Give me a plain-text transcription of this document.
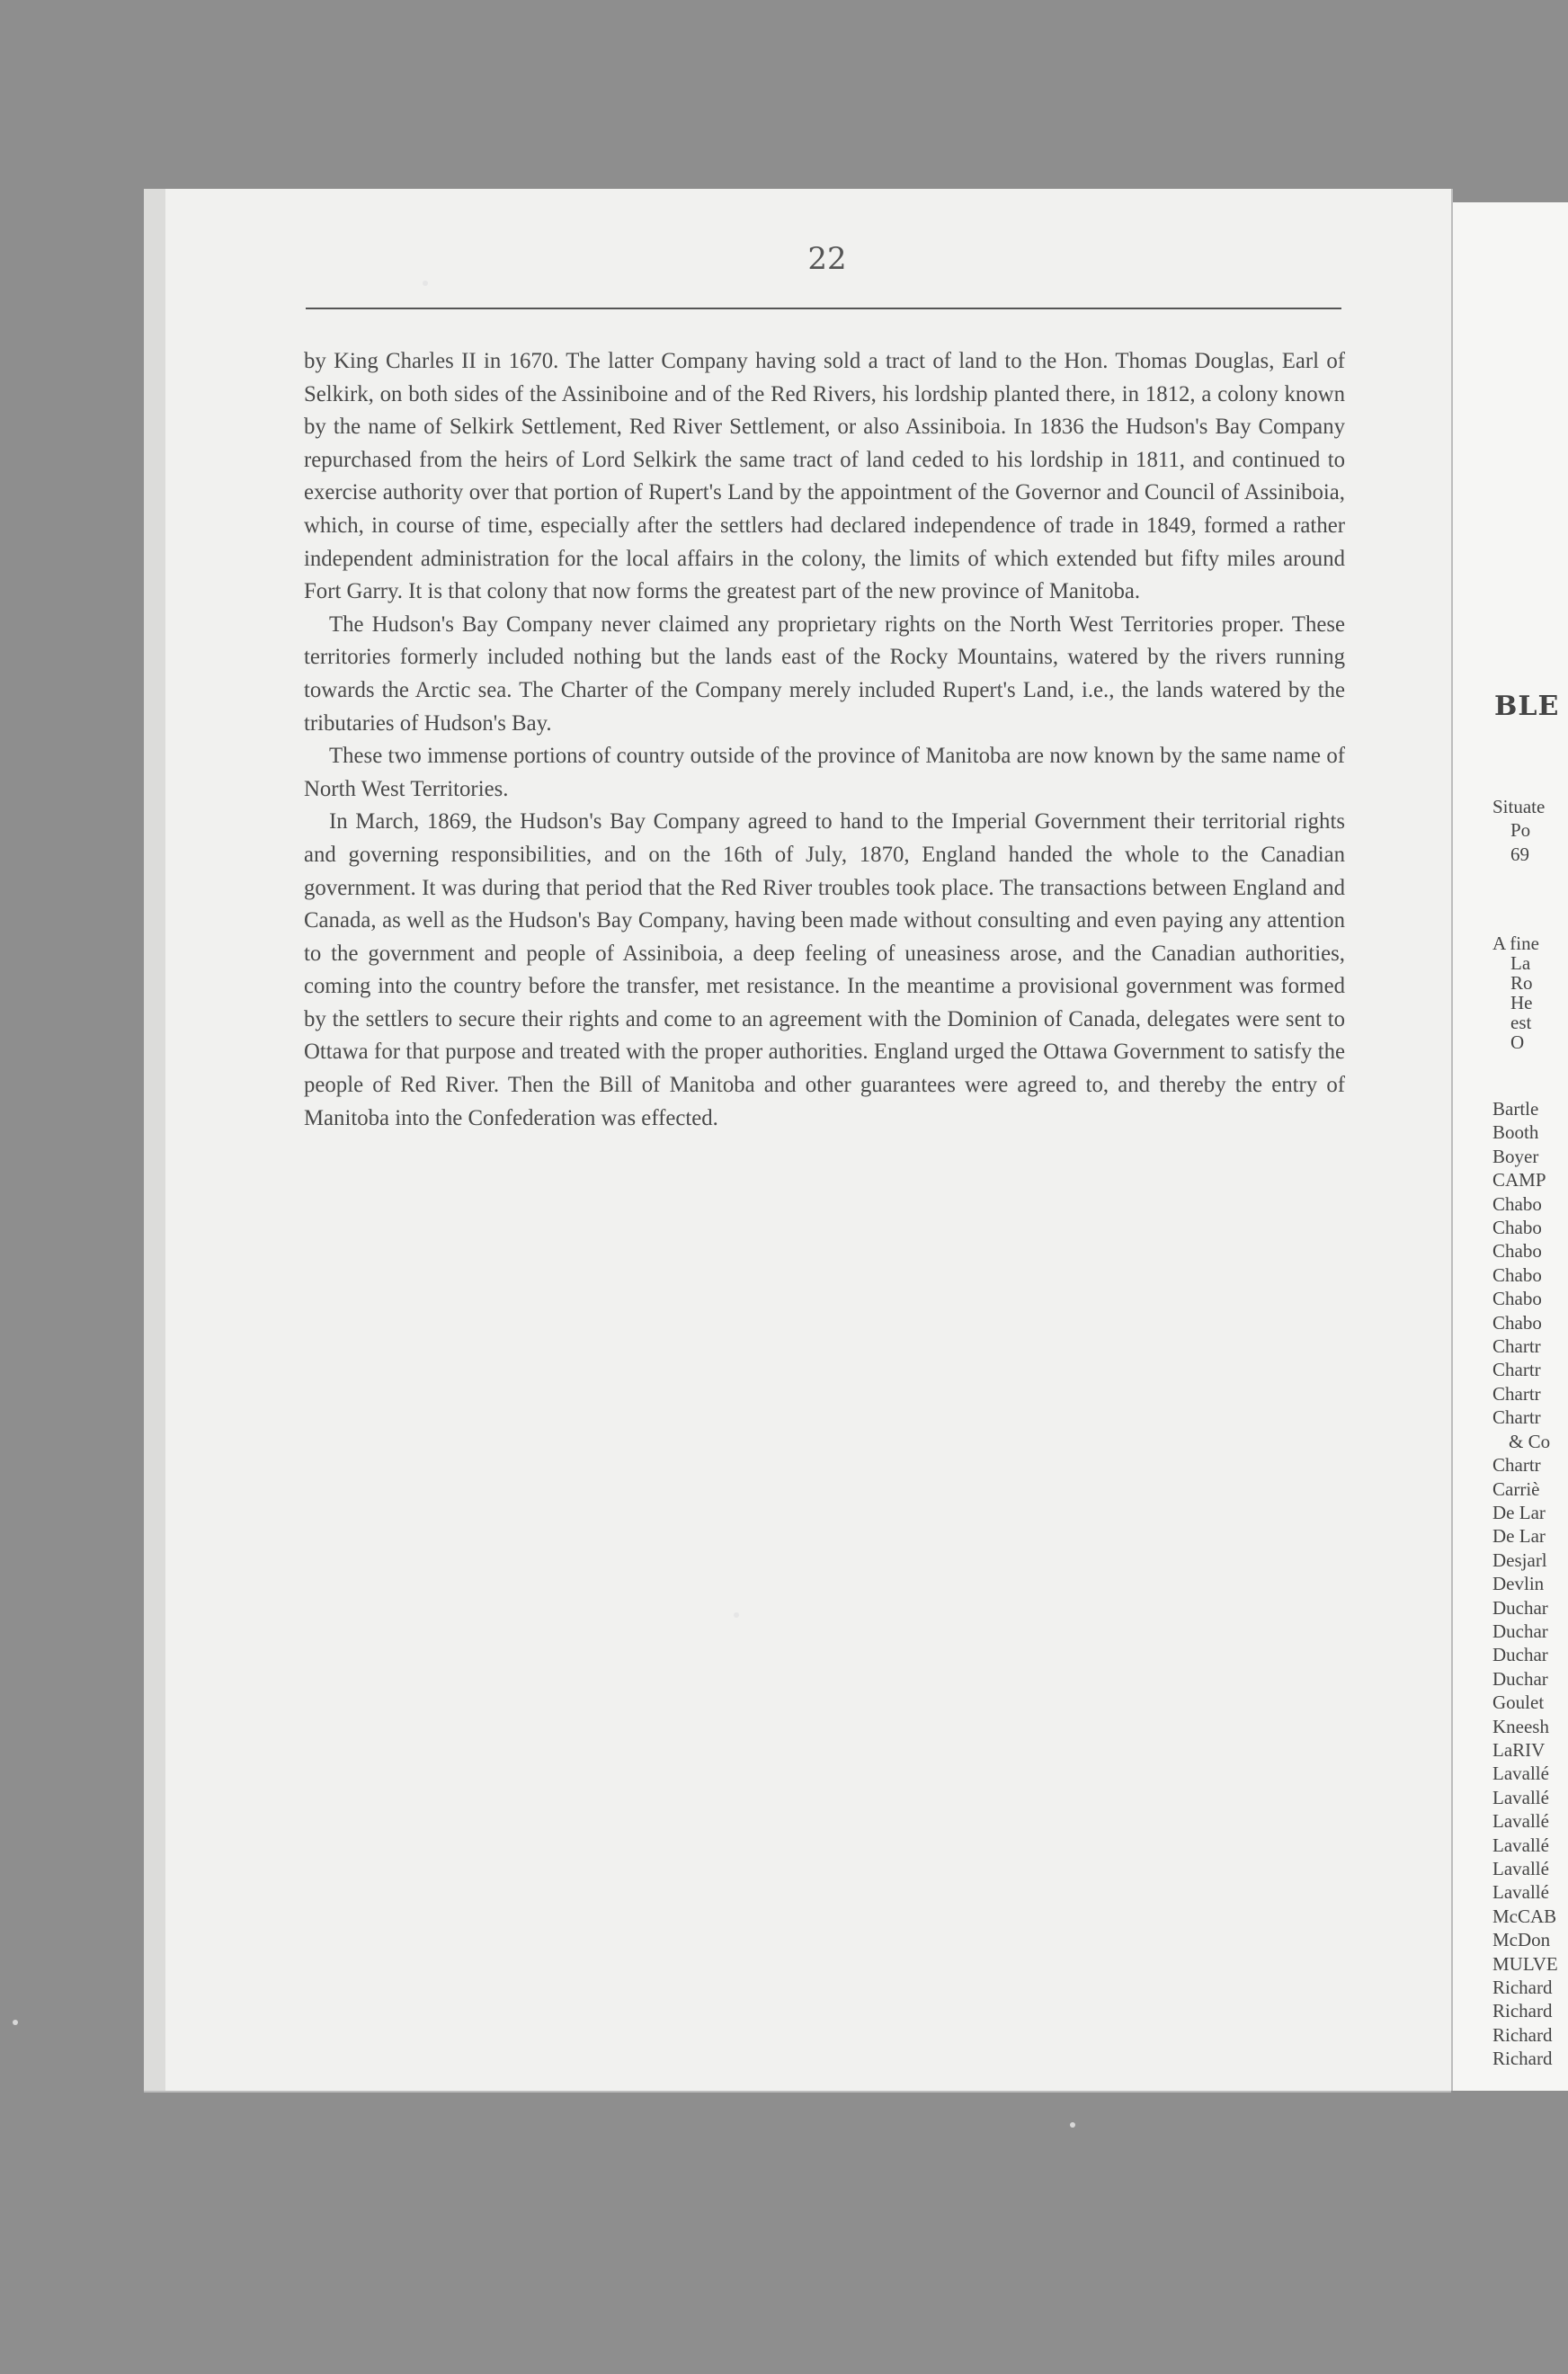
22

by King Charles II in 1670. The latter Company having sold a tract of land to the Hon. Thomas Douglas, Earl of Selkirk, on both sides of the Assiniboine and of the Red Rivers, his lordship planted there, in 1812, a colony known by the name of Selkirk Settlement, Red River Settlement, or also Assiniboia. In 1836 the Hudson's Bay Company repurchased from the heirs of Lord Selkirk the same tract of land ceded to his lordship in 1811, and continued to exercise authority over that portion of Rupert's Land by the appointment of the Governor and Council of Assiniboia, which, in course of time, especially after the settlers had declared independence of trade in 1849, formed a rather independent administration for the local affairs in the colony, the limits of which extended but fifty miles around Fort Garry. It is that colony that now forms the greatest part of the new province of Manitoba.

The Hudson's Bay Company never claimed any proprietary rights on the North West Territories proper. These territories formerly included nothing but the lands east of the Rocky Mountains, watered by the rivers running towards the Arctic sea. The Charter of the Company merely included Rupert's Land, i.e., the lands watered by the tributaries of Hudson's Bay.

These two immense portions of country outside of the province of Manitoba are now known by the same name of North West Territories.

In March, 1869, the Hudson's Bay Company agreed to hand to the Imperial Government their territorial rights and governing responsibilities, and on the 16th of July, 1870, England handed the whole to the Canadian government. It was during that period that the Red River troubles took place. The transactions between England and Canada, as well as the Hudson's Bay Company, having been made without consulting and even paying any attention to the government and people of Assiniboia, a deep feeling of uneasiness arose, and the Canadian authorities, coming into the country before the transfer, met resistance. In the meantime a provisional government was formed by the settlers to secure their rights and come to an agreement with the Dominion of Canada, delegates were sent to Ottawa for that purpose and treated with the proper authorities. England urged the Ottawa Government to satisfy the people of Red River. Then the Bill of Manitoba and other guarantees were agreed to, and thereby the entry of Manitoba into the Confederation was effected.

BLE
Situate
Po
69
A fine
La
Ro
He
est
O
Bartle
Booth
Boyer
CAMP
Chabo
Chabo
Chabo
Chabo
Chabo
Chabo
Chartr
Chartr
Chartr
Chartr
& Co
Chartr
Carriè
De Lar
De Lar
Desjarl
Devlin
Duchar
Duchar
Duchar
Duchar
Goulet
Kneesh
LaRIV
Lavallé
Lavallé
Lavallé
Lavallé
Lavallé
Lavallé
McCAB
McDon
MULVE
Richard
Richard
Richard
Richard
